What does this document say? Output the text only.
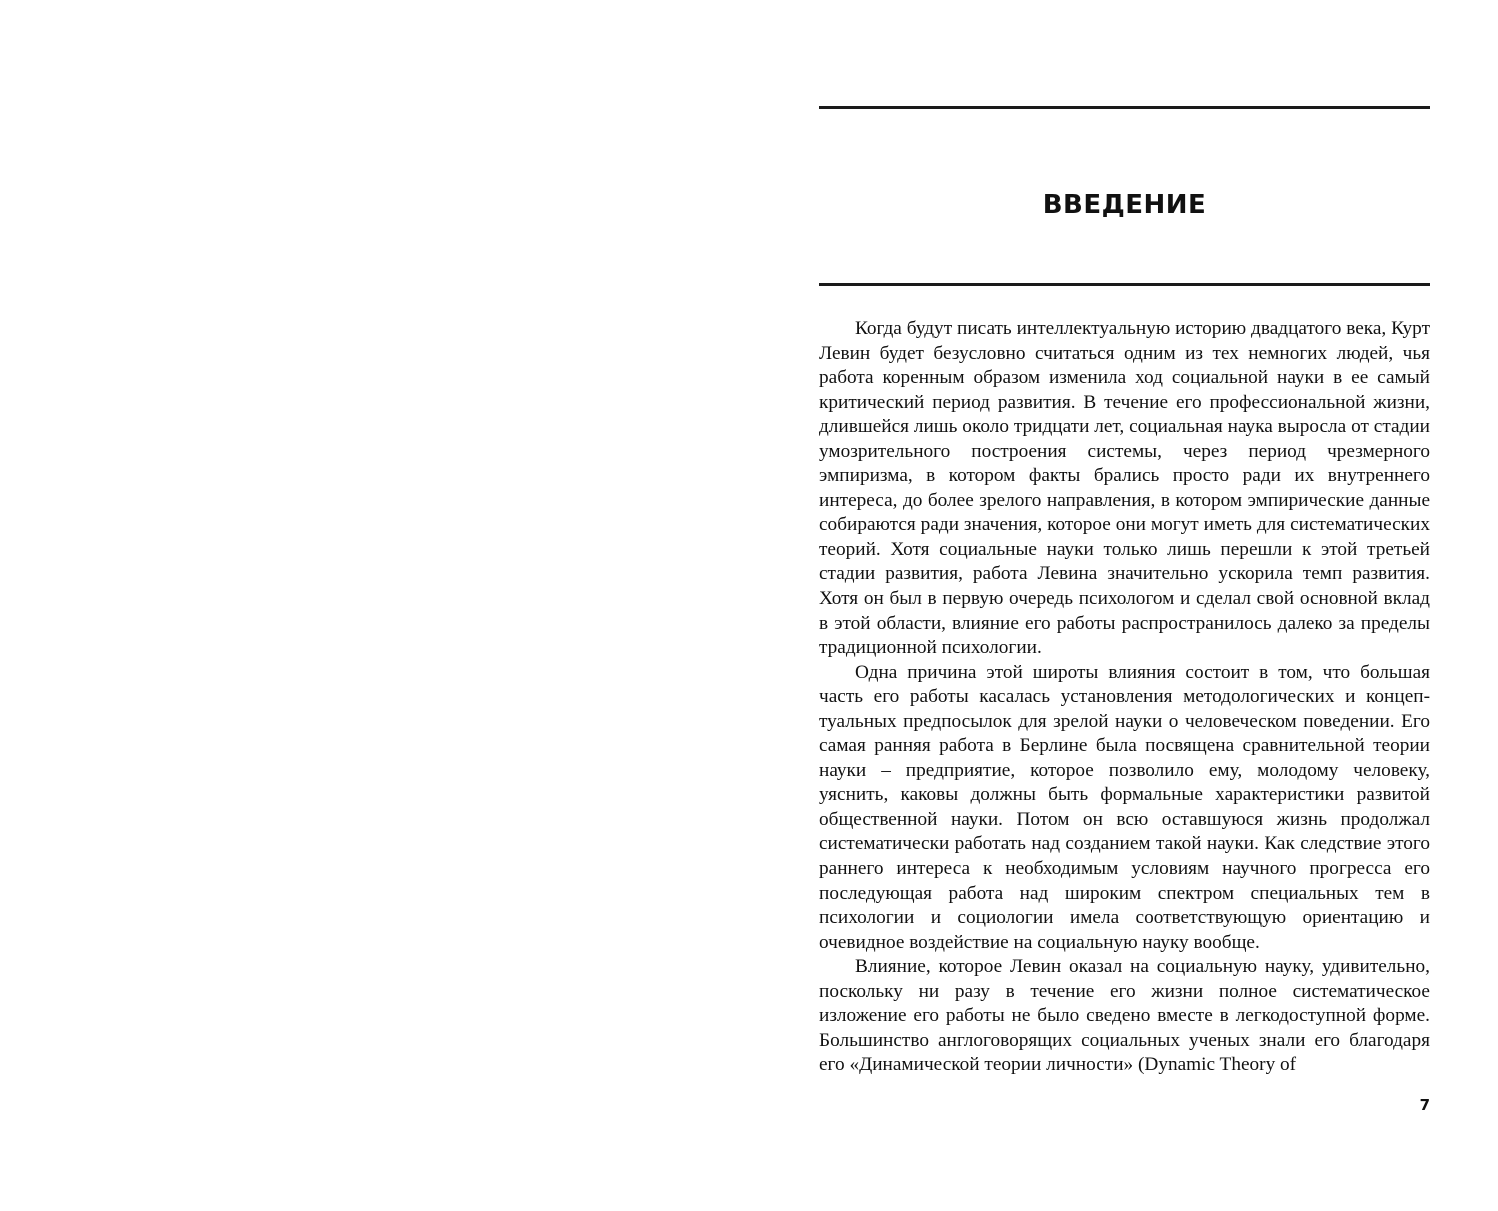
ВВЕДЕНИЕ

Когда будут писать интеллектуальную историю двадцатого века, Курт Левин будет безусловно считаться одним из тех немногих людей, чья работа коренным образом изменила ход социальной науки в ее самый критический период развития. В течение его профессиональной жизни, длившейся лишь около тридцати лет, социальная наука выросла от стадии умозрительного построения системы, через период чрезмерного эмпиризма, в котором факты брались просто ради их внутреннего интереса, до более зрелого направления, в котором эмпирические данные собираются ради значения, которое они могут иметь для систематических теорий. Хотя социальные науки только лишь перешли к этой третьей стадии развития, работа Левина значительно ускорила темп развития. Хотя он был в первую очередь психологом и сделал свой основной вклад в этой области, влияние его работы распространилось далеко за пределы традиционной психологии.

Одна причина этой широты влияния состоит в том, что большая часть его работы касалась установления методологических и концептуальных предпосылок для зрелой науки о человеческом поведении. Его самая ранняя работа в Берлине была посвящена сравнительной теории науки – предприятие, которое позволило ему, молодому человеку, уяснить, каковы должны быть формальные характеристики развитой общественной науки. Потом он всю оставшуюся жизнь продолжал систематически работать над созданием такой науки. Как следствие этого раннего интереса к необходимым условиям научного прогресса его последующая работа над широким спектром специальных тем в психологии и социологии имела соответствующую ориентацию и очевидное воздействие на социальную науку вообще.

Влияние, которое Левин оказал на социальную науку, удивительно, поскольку ни разу в течение его жизни полное систематическое изложение его работы не было сведено вместе в легкодоступной форме. Большинство англоговорящих социальных ученых знали его благодаря его «Динамической теории личности» (Dynamic Theory of

7
